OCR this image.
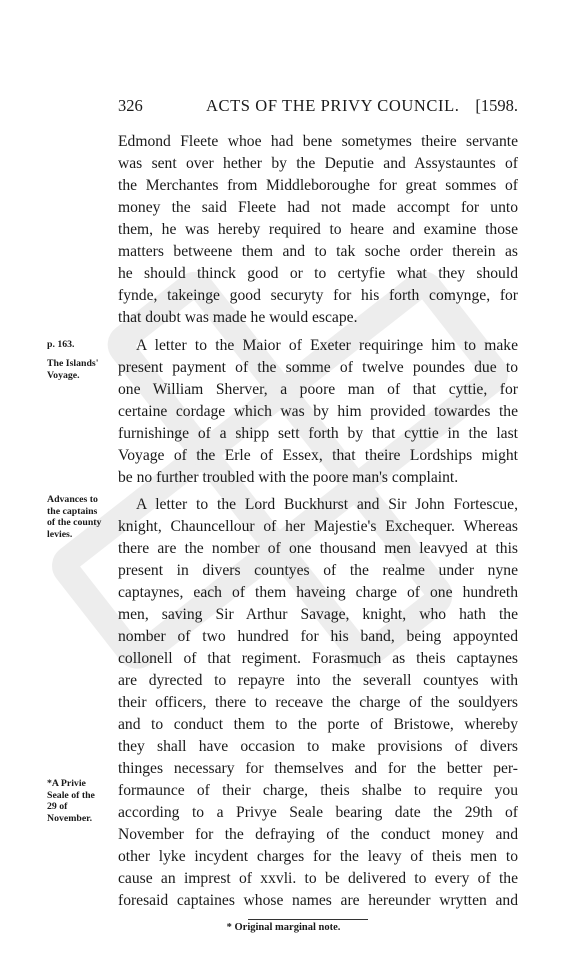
326	ACTS OF THE PRIVY COUNCIL. [1598.
Edmond Fleete whoe had bene sometymes theire servante
was sent over hether by the Deputie and Assystauntes of
the Merchantes from Middleboroughe for great sommes of
money the said Fleete had not made accompt for unto
them, he was hereby required to heare and examine those
matters betweene them and to tak soche order therein as
he should thinck good or to certyfie what they should
fynde, takeinge good securyty for his forth comynge, for
that doubt was made he would escape.
A letter to the Maior of Exeter requiringe him to make
present payment of the somme of twelve poundes due to
one William Sherver, a poore man of that cyttie, for
certaine cordage which was by him provided towardes the
furnishinge of a shipp sett forth by that cyttie in the last
Voyage of the Erle of Essex, that theire Lordships might
be no further troubled with the poore man's complaint.
A letter to the Lord Buckhurst and Sir John Fortescue,
knight, Chauncellour of her Majestie's Exchequer. Whereas
there are the nomber of one thousand men leavyed at this
present in divers countyes of the realme under nyne
captaynes, each of them haveing charge of one hundreth
men, saving Sir Arthur Savage, knight, who hath the
nomber of two hundred for his band, being appoynted
collonell of that regiment. Forasmuch as theis captaynes
are dyrected to repayre into the severall countyes with
their officers, there to receave the charge of the souldyers
and to conduct them to the porte of Bristowe, whereby
they shall have occasion to make provisions of divers
thinges necessary for themselves and for the better per-
formaunce of their charge, theis shalbe to require you
according to a Privye Seale bearing date the 29th of
November for the defraying of the conduct money and
other lyke incydent charges for the leavy of theis men to
cause an imprest of xxvli. to be delivered to every of the
foresaid captaines whose names are hereunder wrytten and
p. 163.
The Islands'
Voyage.
Advances to
the captains
of the county
levies.
*A Privie
Seale of the
29 of
November.
* Original marginal note.
